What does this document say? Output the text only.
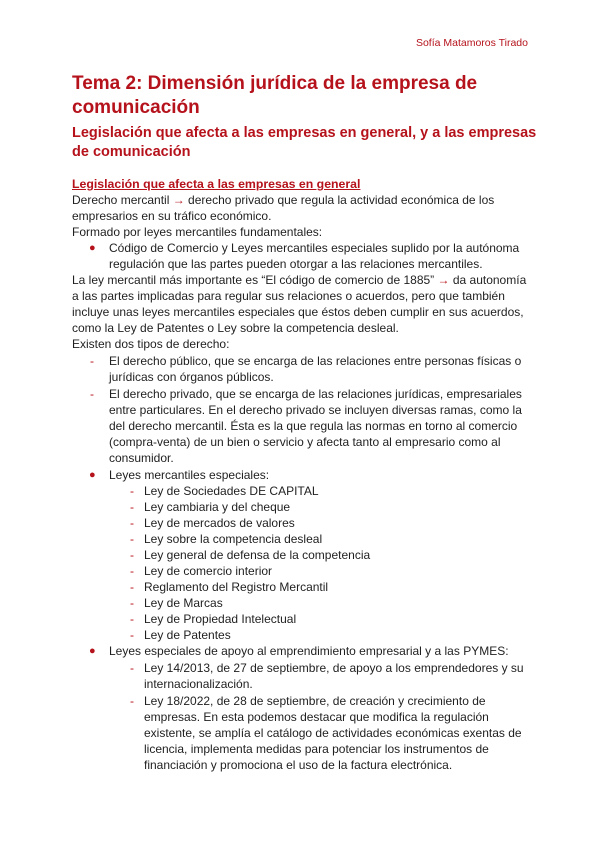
Sofía Matamoros Tirado
Tema 2: Dimensión jurídica de la empresa de comunicación
Legislación que afecta a las empresas en general, y a las empresas de comunicación

Legislación que afecta a las empresas en general

Derecho mercantil → derecho privado que regula la actividad económica de los empresarios en su tráfico económico.

Formado por leyes mercantiles fundamentales:

● Código de Comercio y Leyes mercantiles especiales suplido por la autónoma regulación que las partes pueden otorgar a las relaciones mercantiles.

La ley mercantil más importante es “El código de comercio de 1885” → da autonomía a las partes implicadas para regular sus relaciones o acuerdos, pero que también incluye unas leyes mercantiles especiales que éstos deben cumplir en sus acuerdos, como la Ley de Patentes o Ley sobre la competencia desleal.

Existen dos tipos de derecho:

- El derecho público, que se encarga de las relaciones entre personas físicas o jurídicas con órganos públicos.
- El derecho privado, que se encarga de las relaciones jurídicas, empresariales entre particulares. En el derecho privado se incluyen diversas ramas, como la del derecho mercantil. Ésta es la que regula las normas en torno al comercio (compra-venta) de un bien o servicio y afecta tanto al empresario como al consumidor.
● Leyes mercantiles especiales:
- Ley de Sociedades DE CAPITAL
- Ley cambiaria y del cheque
- Ley de mercados de valores
- Ley sobre la competencia desleal
- Ley general de defensa de la competencia
- Ley de comercio interior
- Reglamento del Registro Mercantil
- Ley de Marcas
- Ley de Propiedad Intelectual
- Ley de Patentes
● Leyes especiales de apoyo al emprendimiento empresarial y a las PYMES:
- Ley 14/2013, de 27 de septiembre, de apoyo a los emprendedores y su internacionalización.
- Ley 18/2022, de 28 de septiembre, de creación y crecimiento de empresas. En esta podemos destacar que modifica la regulación existente, se amplía el catálogo de actividades económicas exentas de licencia, implementa medidas para potenciar los instrumentos de financiación y promociona el uso de la factura electrónica.
